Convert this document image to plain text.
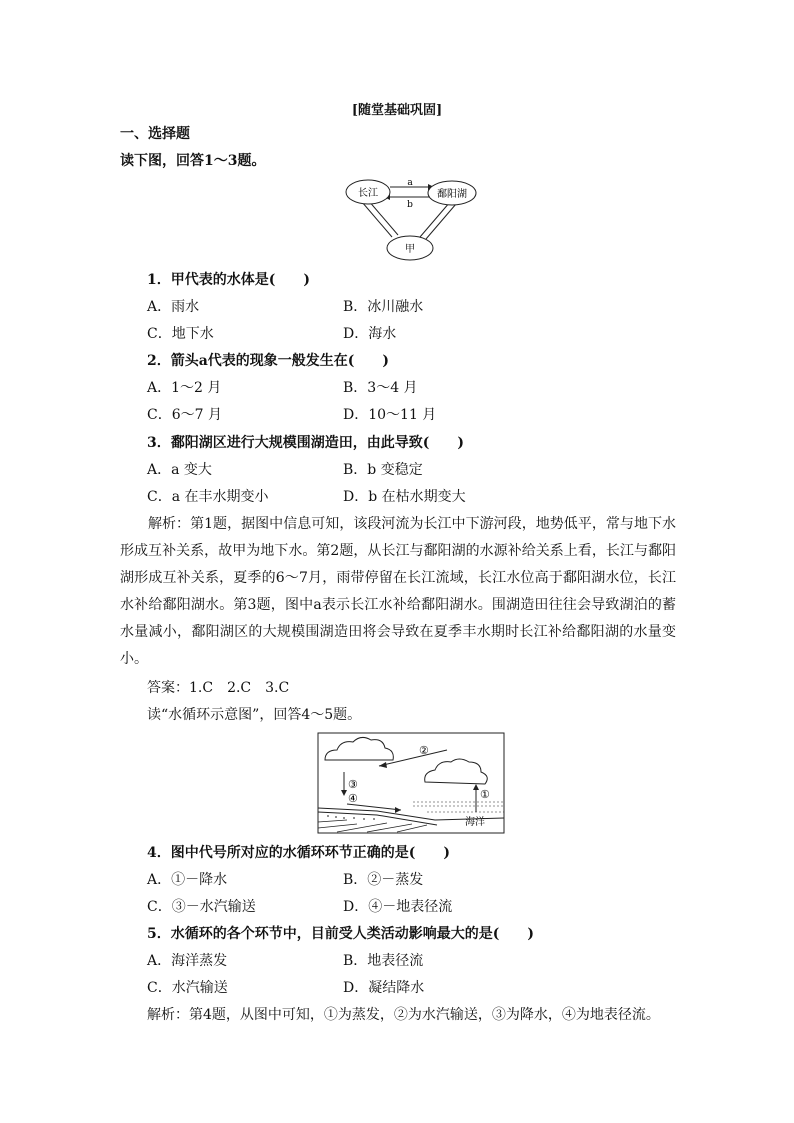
[随堂基础巩固]
一、选择题
读下图，回答1～3题。
长江	鄱阳湖
甲
a
b
1．甲代表的水体是(　　)
A．雨水	B．冰川融水
C．地下水	D．海水
2．箭头a代表的现象一般发生在(　　)
A．1～2 月	B．3～4 月
C．6～7 月	D．10～11 月
3．鄱阳湖区进行大规模围湖造田，由此导致(　　)
A．a 变大	B．b 变稳定
C．a 在丰水期变小	D．b 在枯水期变大
解析：第1题，据图中信息可知，该段河流为长江中下游河段，地势低平，常与地下水形成互补关系，故甲为地下水。第2题，从长江与鄱阳湖的水源补给关系上看，长江与鄱阳湖形成互补关系，夏季的6～7月，雨带停留在长江流域，长江水位高于鄱阳湖水位，长江水补给鄱阳湖水。第3题，图中a表示长江水补给鄱阳湖水。围湖造田往往会导致湖泊的蓄水量减小，鄱阳湖区的大规模围湖造田将会导致在夏季丰水期时长江补给鄱阳湖的水量变小。
答案：1.C　2.C　3.C
读“水循环示意图”，回答4～5题。
②
③
④	①
海洋
4．图中代号所对应的水循环环节正确的是(　　)
A．①－降水	B．②－蒸发
C．③－水汽输送	D．④－地表径流
5．水循环的各个环节中，目前受人类活动影响最大的是(　　)
A．海洋蒸发	B．地表径流
C．水汽输送	D．凝结降水
解析：第4题，从图中可知，①为蒸发，②为水汽输送，③为降水，④为地表径流。
